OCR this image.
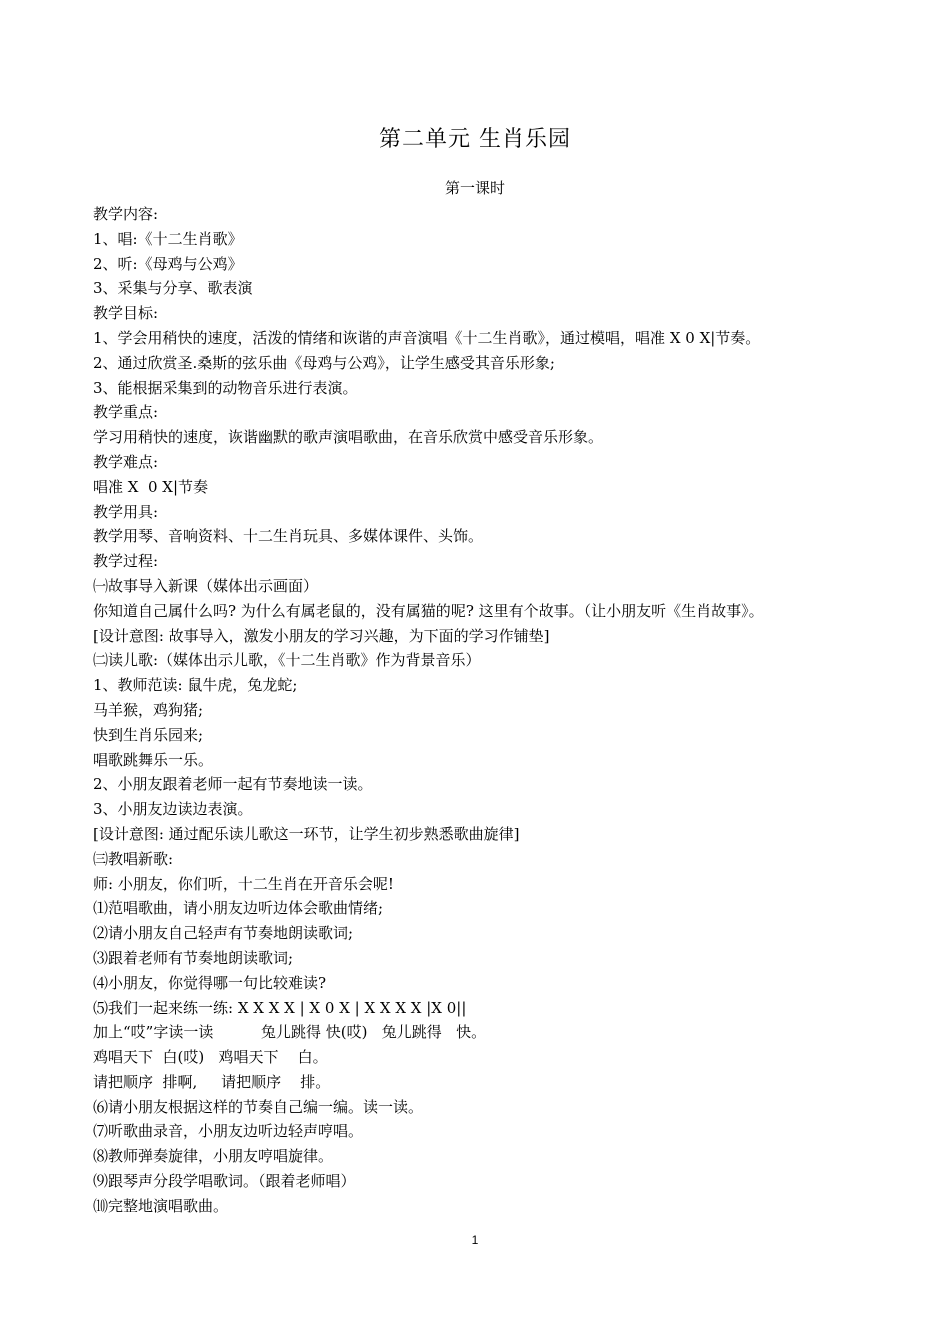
第二单元 生肖乐园
第一课时
教学内容:
1、唱:《十二生肖歌》
2、听:《母鸡与公鸡》
3、采集与分享、歌表演
教学目标:
1、学会用稍快的速度，活泼的情绪和诙谐的声音演唱《十二生肖歌》，通过模唱，唱准 X 0 X|节奏。
2、通过欣赏圣.桑斯的弦乐曲《母鸡与公鸡》，让学生感受其音乐形象;
3、能根据采集到的动物音乐进行表演。
教学重点:
学习用稍快的速度，诙谐幽默的歌声演唱歌曲，在音乐欣赏中感受音乐形象。
教学难点:
唱准 X  0 X|节奏
教学用具:
教学用琴、音响资料、十二生肖玩具、多媒体课件、头饰。
教学过程:
㈠故事导入新课（媒体出示画面）
你知道自己属什么吗? 为什么有属老鼠的，没有属猫的呢? 这里有个故事。（让小朋友听《生肖故事》。
[设计意图: 故事导入，激发小朋友的学习兴趣，为下面的学习作铺垫]
㈡读儿歌:（媒体出示儿歌，《十二生肖歌》作为背景音乐）
1、教师范读: 鼠牛虎，兔龙蛇;
马羊猴，鸡狗猪;
快到生肖乐园来;
唱歌跳舞乐一乐。
2、小朋友跟着老师一起有节奏地读一读。
3、小朋友边读边表演。
[设计意图: 通过配乐读儿歌这一环节，让学生初步熟悉歌曲旋律]
㈢教唱新歌:
师: 小朋友，你们听，十二生肖在开音乐会呢!
⑴范唱歌曲，请小朋友边听边体会歌曲情绪;
⑵请小朋友自己轻声有节奏地朗读歌词;
⑶跟着老师有节奏地朗读歌词;
⑷小朋友，你觉得哪一句比较难读?
⑸我们一起来练一练: X X X X | X 0 X | X X X X |X 0||
加上“哎”字读一读          兔儿跳得 快(哎)   兔儿跳得   快。
鸡唱天下  白(哎)   鸡唱天下    白。
请把顺序  排啊,     请把顺序    排。
⑹请小朋友根据这样的节奏自己编一编。读一读。
⑺听歌曲录音，小朋友边听边轻声哼唱。
⑻教师弹奏旋律，小朋友哼唱旋律。
⑼跟琴声分段学唱歌词。（跟着老师唱）
⑽完整地演唱歌曲。
1
